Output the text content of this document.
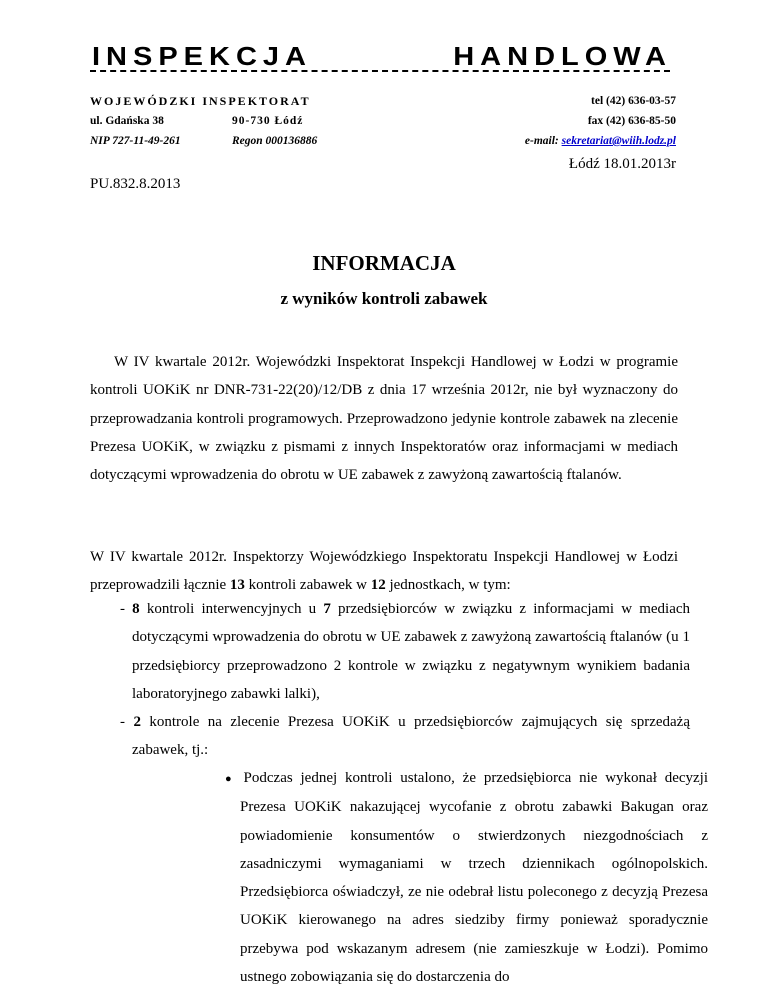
INSPEKCJA	HANDLOWA
WOJEWÓDZKI INSPEKTORAT	tel (42) 636-03-57
ul. Gdańska 38	90-730 Łódź	fax (42) 636-85-50
NIP 727-11-49-261	Regon 000136886	e-mail: sekretariat@wiih.lodz.pl
Łódź 18.01.2013r
PU.832.8.2013
INFORMACJA
z wyników kontroli zabawek
W IV kwartale 2012r. Wojewódzki Inspektorat Inspekcji Handlowej w Łodzi w programie kontroli UOKiK nr DNR-731-22(20)/12/DB z dnia 17 września 2012r, nie był wyznaczony do przeprowadzania kontroli programowych. Przeprowadzono jedynie kontrole zabawek na zlecenie Prezesa UOKiK, w związku z pismami z innych Inspektoratów oraz informacjami w mediach dotyczącymi wprowadzenia do obrotu w UE zabawek z zawyżoną zawartością ftalanów.
W IV kwartale 2012r. Inspektorzy Wojewódzkiego Inspektoratu Inspekcji Handlowej w Łodzi przeprowadzili łącznie 13 kontroli zabawek w 12 jednostkach, w tym:
- 8 kontroli interwencyjnych u 7 przedsiębiorców w związku z informacjami w mediach dotyczącymi wprowadzenia do obrotu w UE zabawek z zawyżoną zawartością ftalanów (u 1 przedsiębiorcy przeprowadzono 2 kontrole w związku z negatywnym wynikiem badania laboratoryjnego zabawki lalki),
- 2 kontrole na zlecenie Prezesa UOKiK u przedsiębiorców zajmujących się sprzedażą zabawek, tj.:
● Podczas jednej kontroli ustalono, że przedsiębiorca nie wykonał decyzji Prezesa UOKiK nakazującej wycofanie z obrotu zabawki Bakugan oraz powiadomienie konsumentów o stwierdzonych niezgodnościach z zasadniczymi wymaganiami w trzech dziennikach ogólnopolskich. Przedsiębiorca oświadczył, ze nie odebrał listu poleconego z decyzją Prezesa UOKiK kierowanego na adres siedziby firmy ponieważ sporadycznie przebywa pod wskazanym adresem (nie zamieszkuje w Łodzi). Pomimo ustnego zobowiązania się do dostarczenia do
